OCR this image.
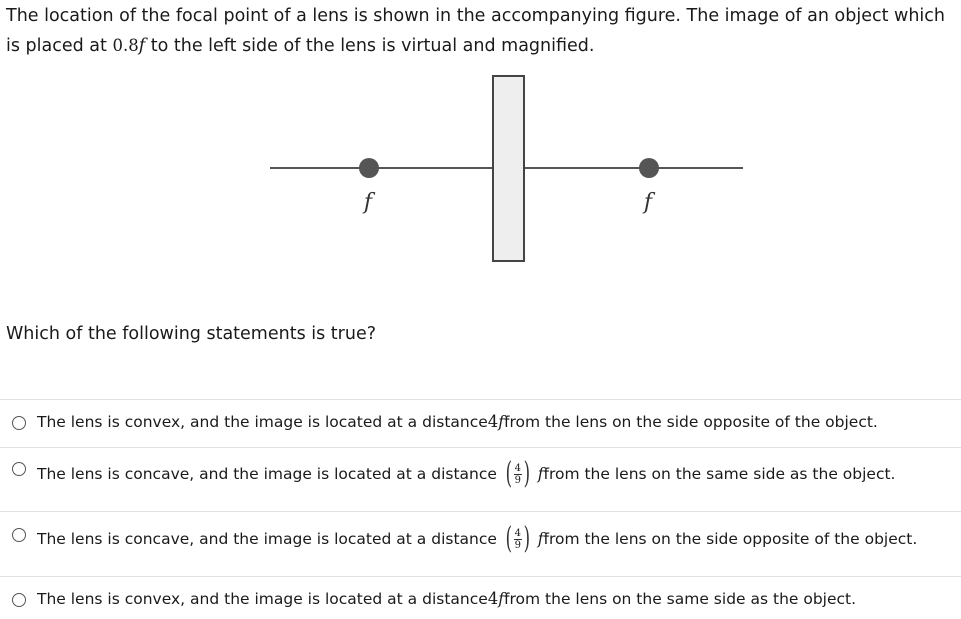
The location of the focal point of a lens is shown in the accompanying figure. The image of an object which is placed at 0.8f to the left side of the lens is virtual and magnified.

f	f

Which of the following statements is true?

The lens is convex, and the image is located at a distance 4 f from the lens on the side opposite of the object.
The lens is concave, and the image is located at a distance ( $\frac{4}{9}$ ) f from the lens on the same side as the object.
The lens is concave, and the image is located at a distance ( $\frac{4}{9}$ ) f from the lens on the side opposite of the object.
The lens is convex, and the image is located at a distance 4 f from the lens on the same side as the object.
